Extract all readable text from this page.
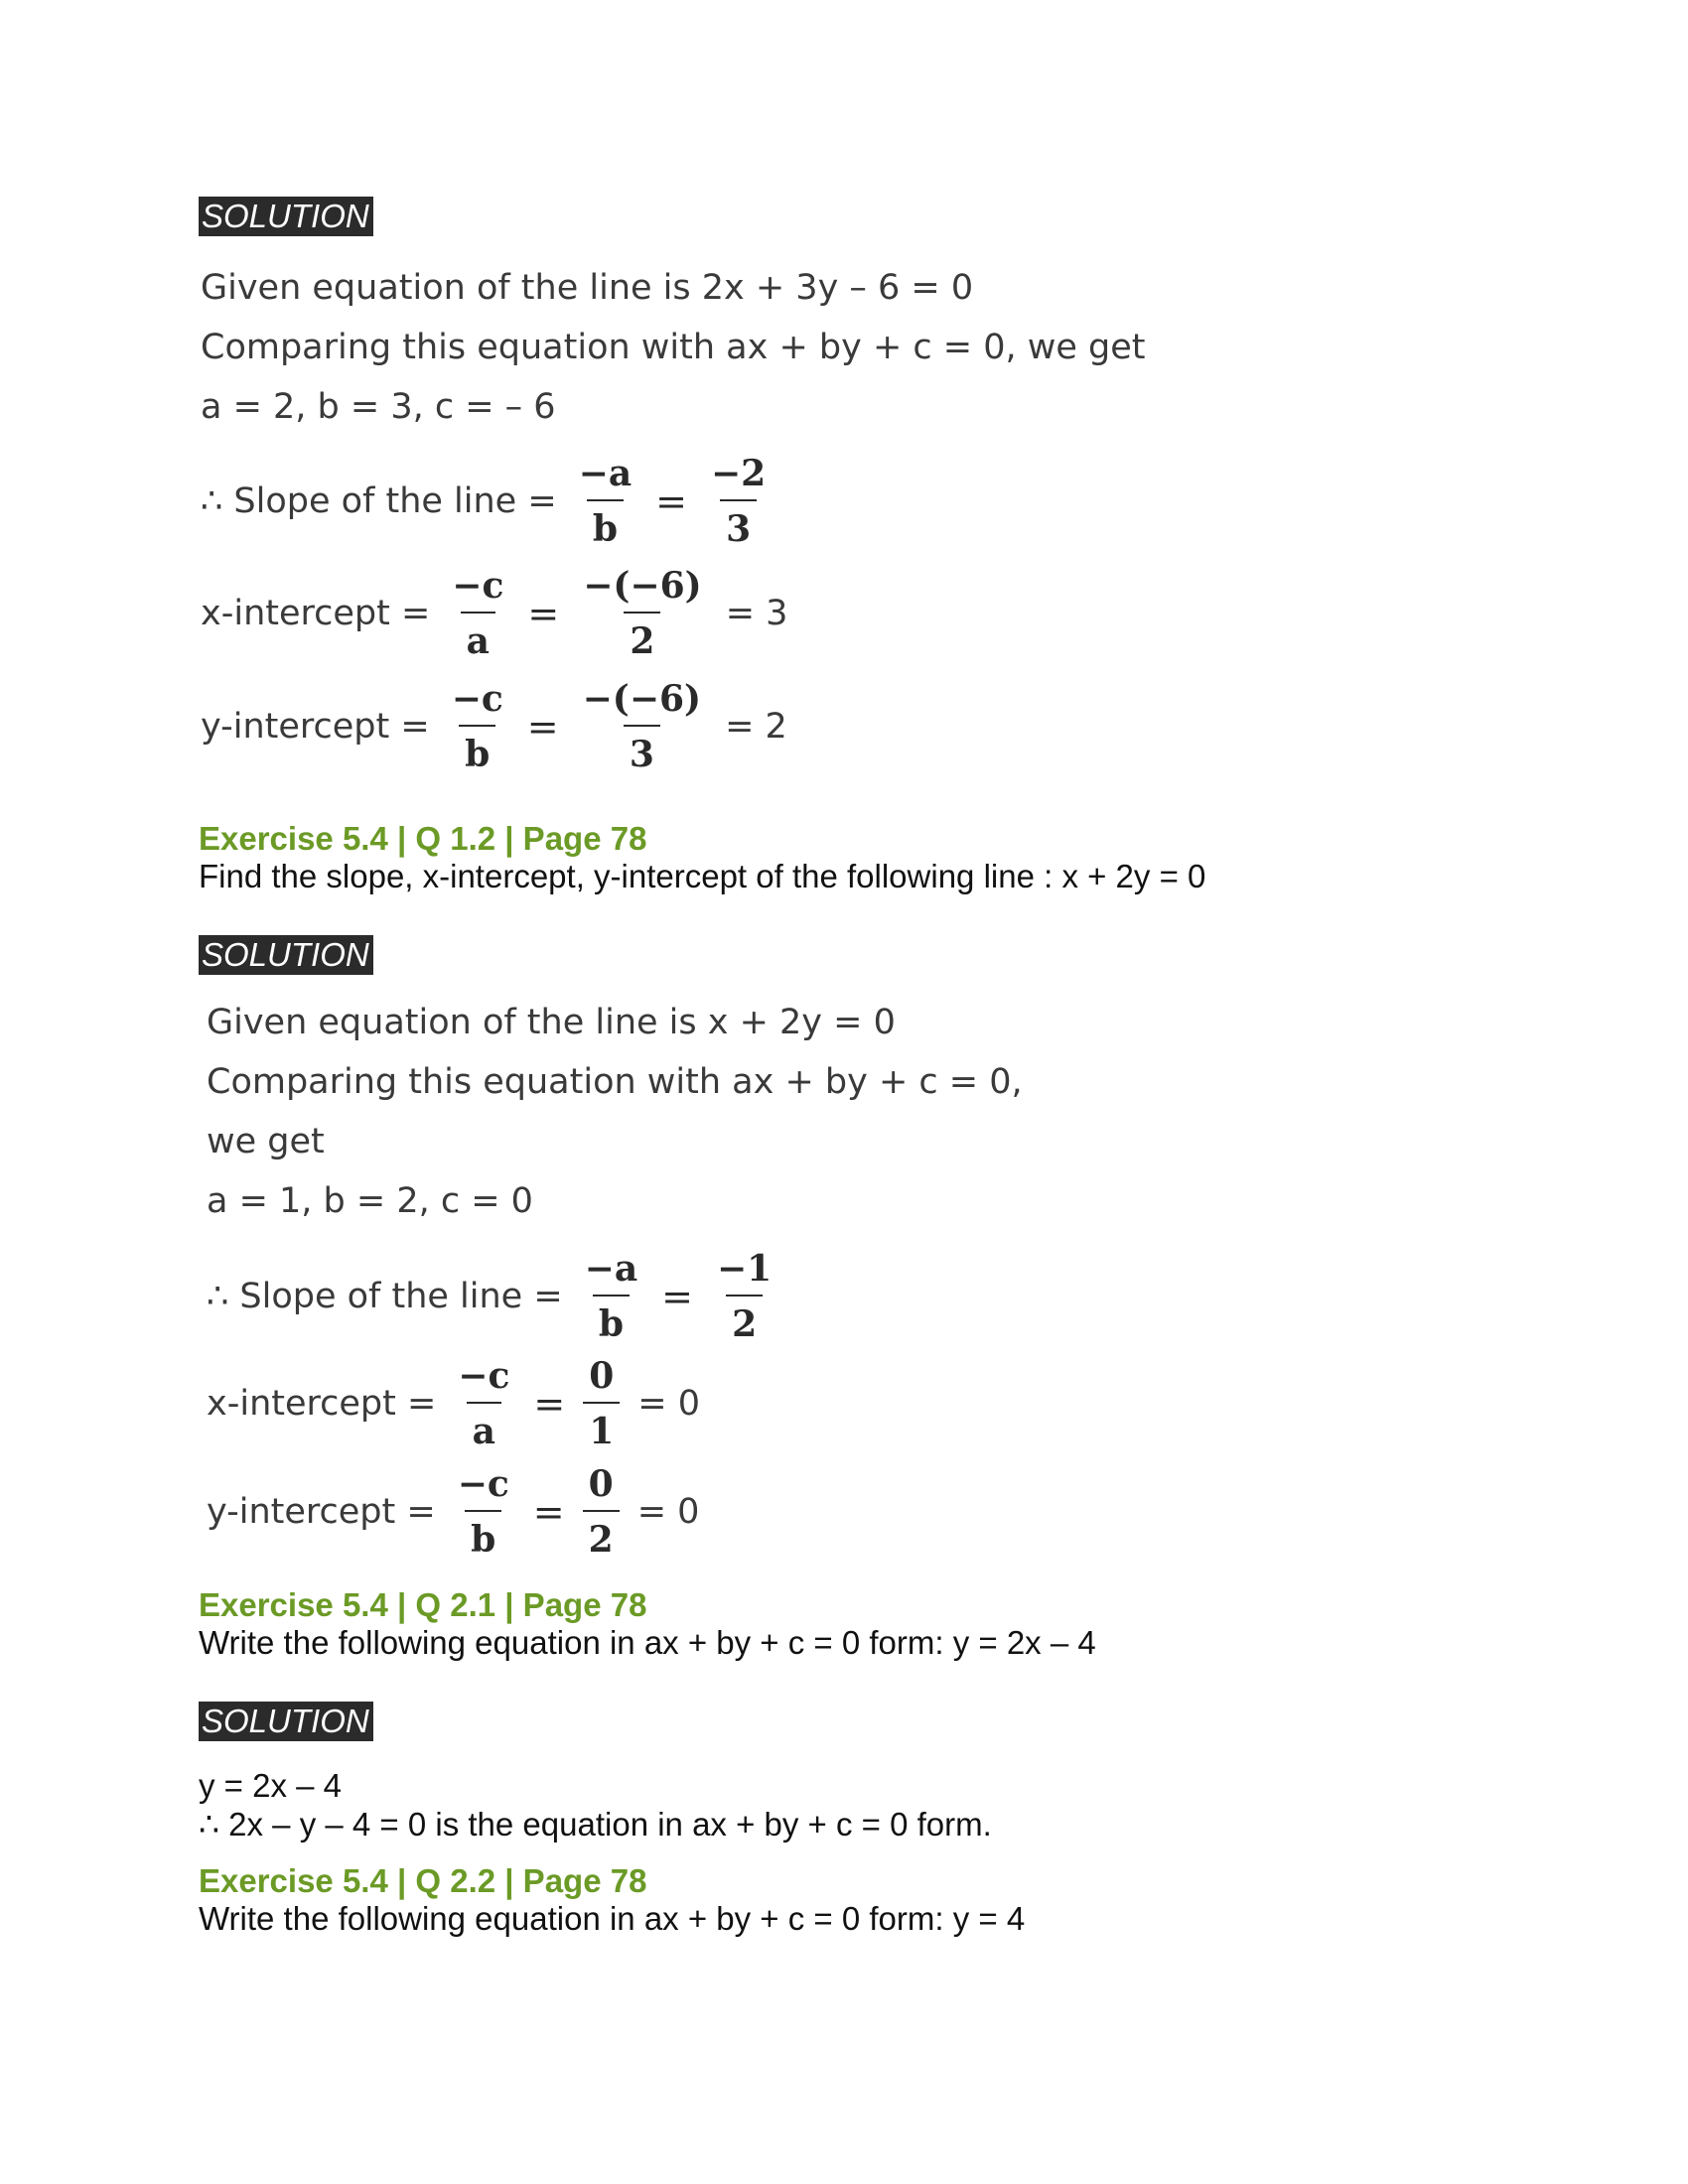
SOLUTION
Given equation of the line is 2x + 3y – 6 = 0
Comparing this equation with ax + by + c = 0, we get
a = 2, b = 3, c = – 6
∴ Slope of the line = $\frac{-a}{b} = \frac{-2}{3}$
x-intercept = $\frac{-c}{a} = \frac{-(-6)}{2} = 3$
y-intercept = $\frac{-c}{b} = \frac{-(-6)}{3} = 2$
Exercise 5.4 | Q 1.2 | Page 78
Find the slope, x-intercept, y-intercept of the following line : x + 2y = 0
SOLUTION
Given equation of the line is x + 2y = 0
Comparing this equation with ax + by + c = 0,
we get
a = 1, b = 2, c = 0
∴ Slope of the line = $\frac{-a}{b} = \frac{-1}{2}$
x-intercept = $\frac{-c}{a} = \frac{0}{1} = 0$
y-intercept = $\frac{-c}{b} = \frac{0}{2} = 0$
Exercise 5.4 | Q 2.1 | Page 78
Write the following equation in ax + by + c = 0 form: y = 2x – 4
SOLUTION
y = 2x – 4
∴ 2x – y – 4 = 0 is the equation in ax + by + c = 0 form.
Exercise 5.4 | Q 2.2 | Page 78
Write the following equation in ax + by + c = 0 form: y = 4
